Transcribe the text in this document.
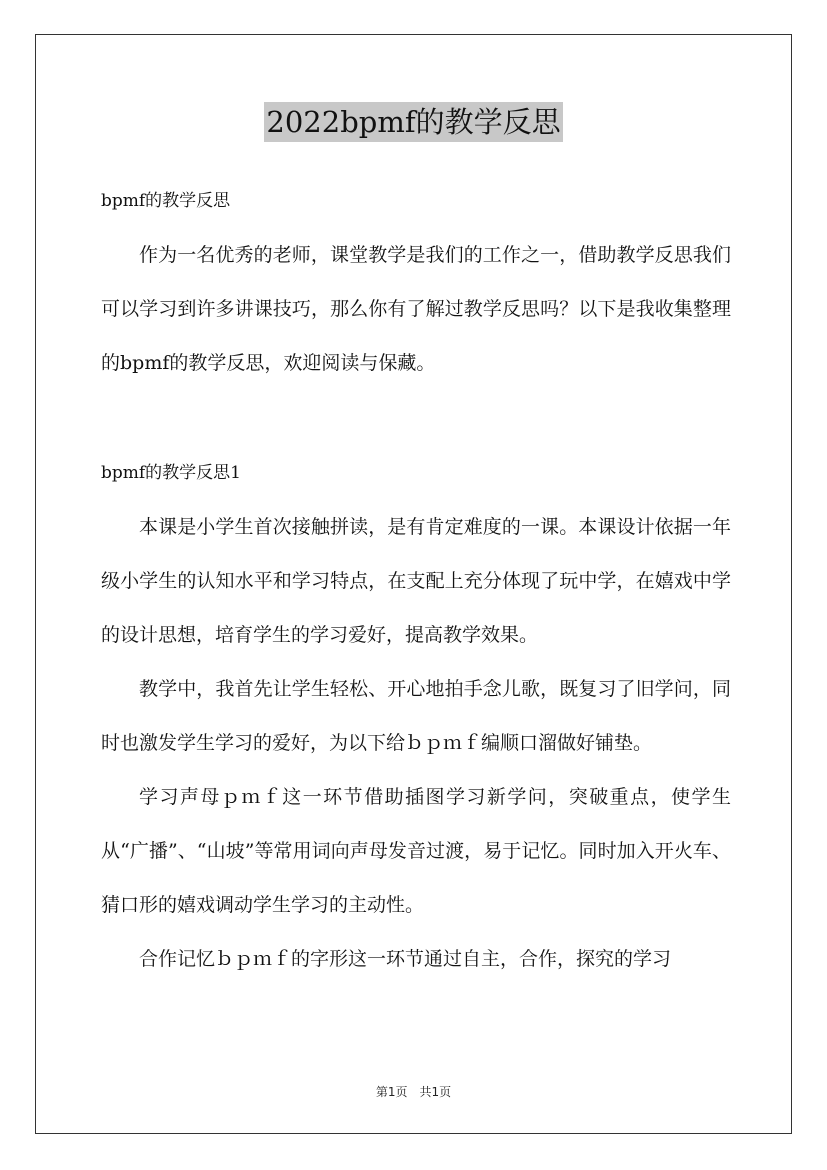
2022bpmf的教学反思

bpmf的教学反思

作为一名优秀的老师，课堂教学是我们的工作之一，借助教学反思我们可以学习到许多讲课技巧，那么你有了解过教学反思吗？以下是我收集整理的bpmf的教学反思，欢迎阅读与保藏。

bpmf的教学反思1

本课是小学生首次接触拼读，是有肯定难度的一课。本课设计依据一年级小学生的认知水平和学习特点，在支配上充分体现了玩中学，在嬉戏中学的设计思想，培育学生的学习爱好，提高教学效果。

教学中，我首先让学生轻松、开心地拍手念儿歌，既复习了旧学问，同时也激发学生学习的爱好，为以下给ｂｐｍｆ编顺口溜做好铺垫。

学习声母ｐｍｆ这一环节借助插图学习新学问，突破重点，使学生从“广播”、“山坡”等常用词向声母发音过渡，易于记忆。同时加入开火车、猜口形的嬉戏调动学生学习的主动性。

合作记忆ｂｐｍｆ的字形这一环节通过自主，合作，探究的学习

第1页 共1页
